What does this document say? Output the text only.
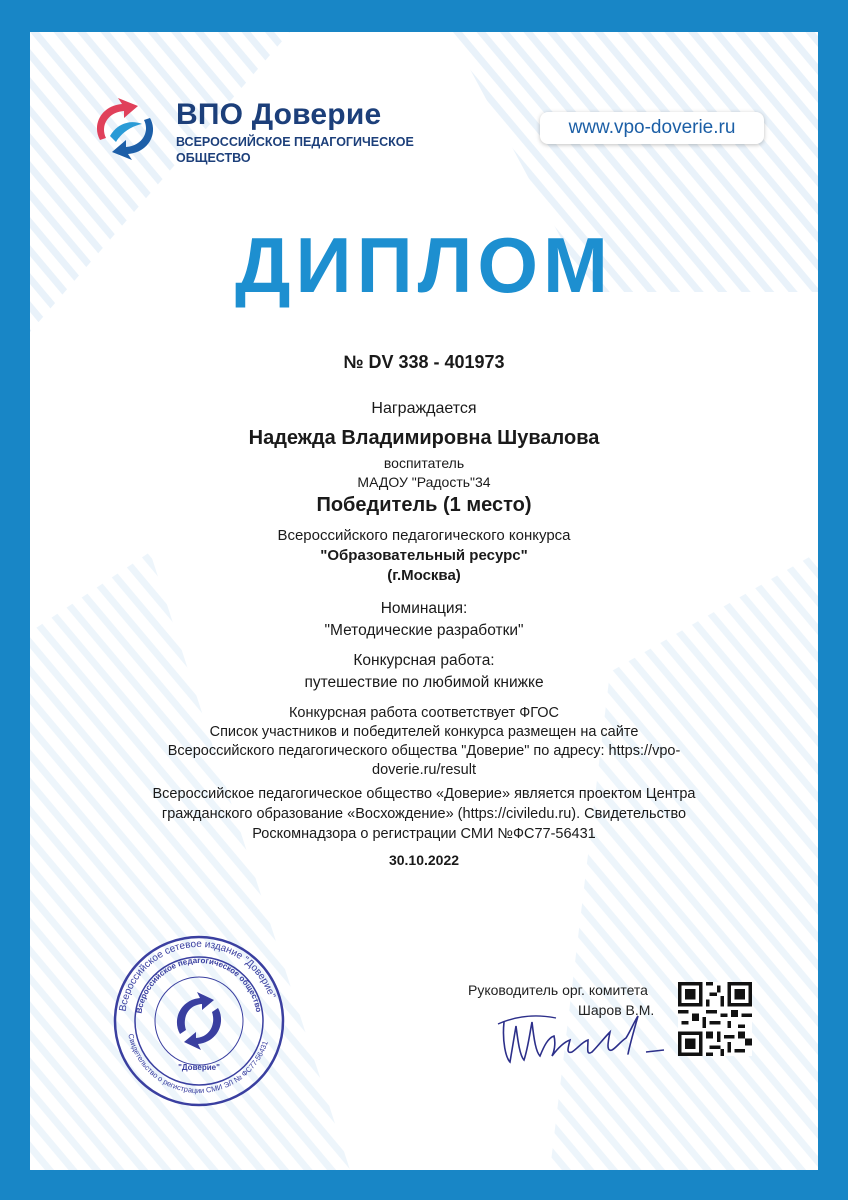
ВПО Доверие
ВСЕРОССИЙСКОЕ ПЕДАГОГИЧЕСКОЕ ОБЩЕСТВО
www.vpo-doverie.ru
ДИПЛОМ
№ DV 338 - 401973
Награждается
Надежда Владимировна Шувалова
воспитатель
МАДОУ "Радость"34
Победитель (1 место)
Всероссийского педагогического конкурса
"Образовательный ресурс"
(г.Москва)
Номинация:
"Методические разработки"
Конкурсная работа:
путешествие по любимой книжке
Конкурсная работа соответствует ФГОС
Список участников и победителей конкурса размещен на сайте
Всероссийского педагогического общества "Доверие" по адресу: https://vpo-
doverie.ru/result
Всероссийское педагогическое общество «Доверие» является проектом Центра
гражданского образование «Восхождение» (https://civiledu.ru). Свидетельство
Роскомнадзора о регистрации СМИ №ФС77-56431
30.10.2022
Всероссийское сетевое издание "Доверие"
Всероссийское педагогическое общество
Свидетельство о регистрации СМИ ЭЛ № ФС77-56431
"Доверие"
Руководитель орг. комитета
Шаров В.М.
